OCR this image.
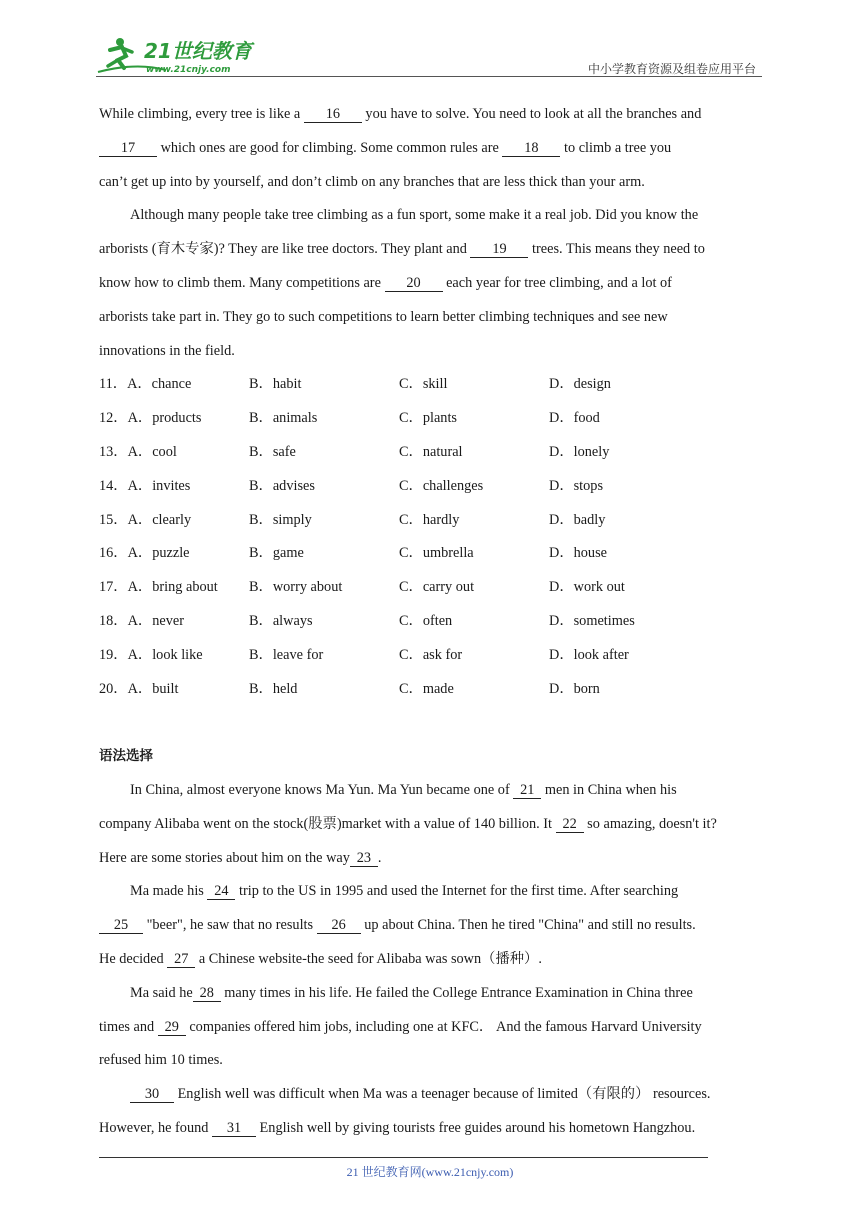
21世纪教育
www.21cnjy.com	中小学教育资源及组卷应用平台
While climbing, every tree is like a 16 you have to solve. You need to look at all the branches and
17 which ones are good for climbing. Some common rules are 18 to climb a tree you
can’t get up into by yourself, and don’t climb on any branches that are less thick than your arm.
Although many people take tree climbing as a fun sport, some make it a real job. Did you know the
arborists (育木专家)? They are like tree doctors. They plant and 19 trees. This means they need to
know how to climb them. Many competitions are 20 each year for tree climbing, and a lot of
arborists take part in. They go to such competitions to learn better climbing techniques and see new
innovations in the field.
11．A．chance	B．habit	C．skill	D．design
12．A．products	B．animals	C．plants	D．food
13．A．cool	B．safe	C．natural	D．lonely
14．A．invites	B．advises	C．challenges	D．stops
15．A．clearly	B．simply	C．hardly	D．badly
16．A．puzzle	B．game	C．umbrella	D．house
17．A．bring about B．worry about	C．carry out	D．work out
18．A．never	B．always	C．often	D．sometimes
19．A．look like	B．leave for	C．ask for	D．look after
20．A．built	B．held	C．made	D．born
语法选择
In China, almost everyone knows Ma Yun. Ma Yun became one of 21 men in China when his
company Alibaba went on the stock(股票)market with a value of 140 billion. It 22 so amazing, doesn't it?
Here are some stories about him on the way 23 .
Ma made his 24 trip to the US in 1995 and used the Internet for the first time. After searching
25 "beer", he saw that no results 26 up about China. Then he tired "China" and still no results.
He decided 27 a Chinese website-the seed for Alibaba was sown（播种）.
Ma said he 28 many times in his life. He failed the College Entrance Examination in China three
times and 29 companies offered him jobs, including one at KFC． And the famous Harvard University
refused him 10 times.
30 English well was difficult when Ma was a teenager because of limited（有限的） resources.
However, he found 31 English well by giving tourists free guides around his hometown Hangzhou.
21 世纪教育网(www.21cnjy.com)
